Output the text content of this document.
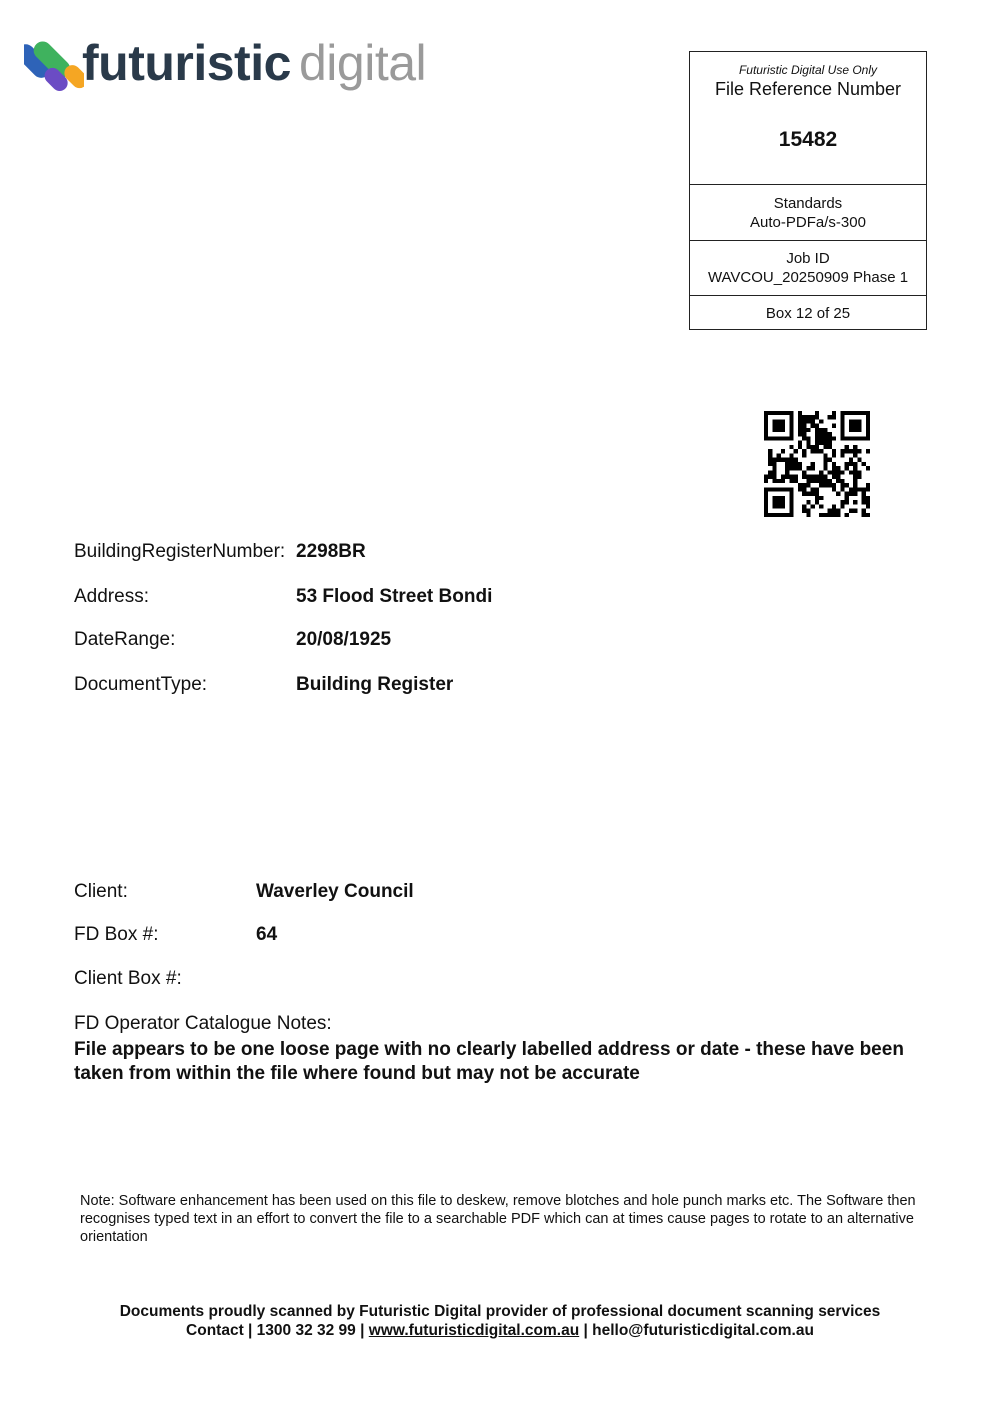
futuristic digital	Futuristic Digital Use Only
File Reference Number
15482
Standards
Auto-PDFa/s-300
Job ID
WAVCOU_20250909 Phase 1
Box 12 of 25
BuildingRegisterNumber: 2298BR
Address:	53 Flood Street Bondi
DateRange:	20/08/1925
DocumentType:	Building Register
Client:	Waverley Council
FD Box #:	64
Client Box #:
FD Operator Catalogue Notes:
File appears to be one loose page with no clearly labelled address or date - these have been taken from within the file where found but may not be accurate
Note: Software enhancement has been used on this file to deskew, remove blotches and hole punch marks etc. The Software then recognises typed text in an effort to convert the file to a searchable PDF which can at times cause pages to rotate to an alternative orientation
Documents proudly scanned by Futuristic Digital provider of professional document scanning services
Contact | 1300 32 32 99 | www.futuristicdigital.com.au | hello@futuristicdigital.com.au
